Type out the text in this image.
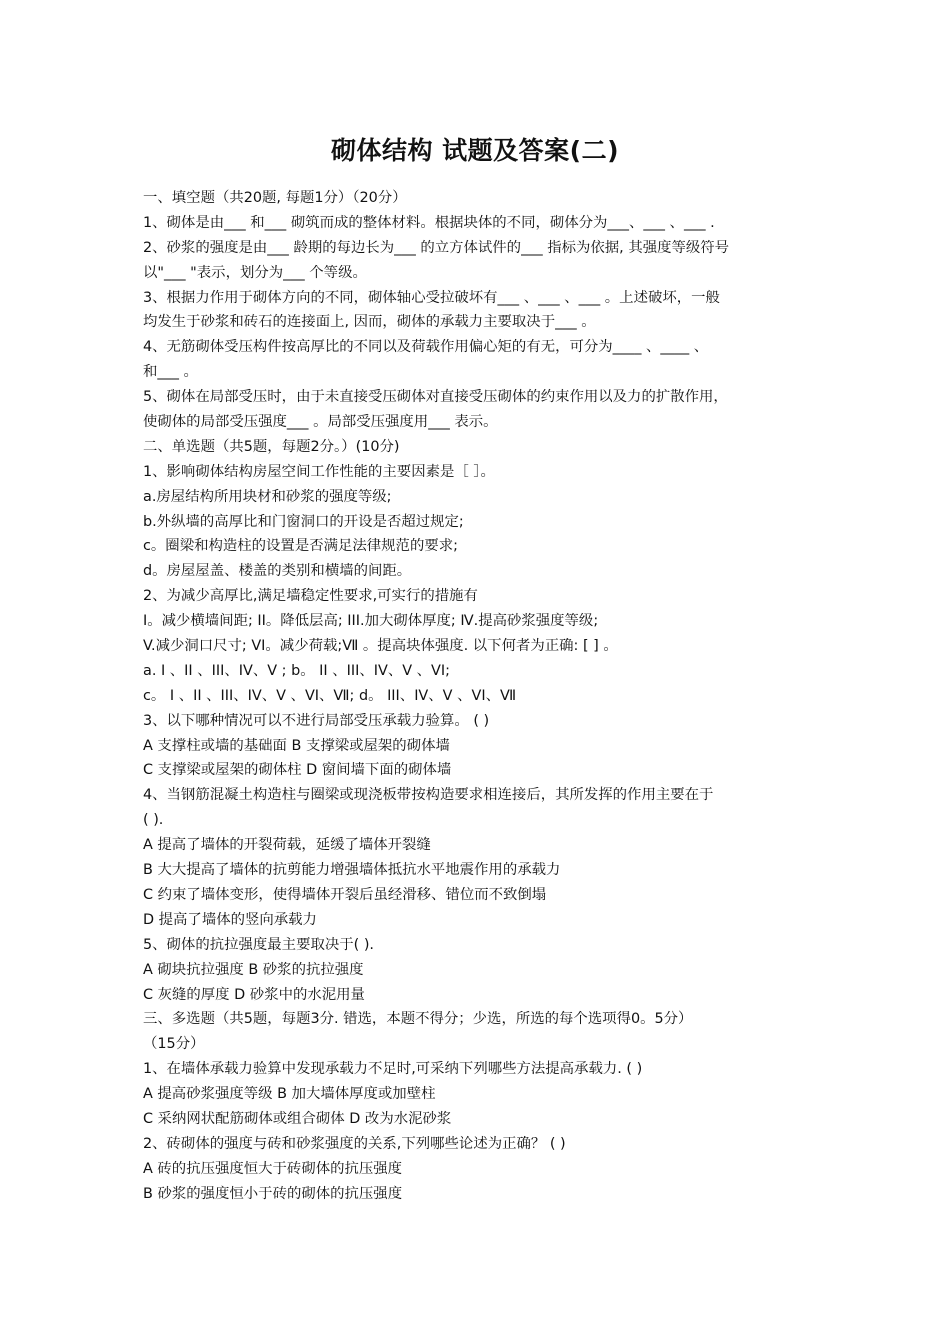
砌体结构 试题及答案(二)
一、填空题（共20题, 每题1分）（20分）
1、砌体是由___ 和___ 砌筑而成的整体材料。根据块体的不同，砌体分为___、___ 、___ .
2、砂浆的强度是由___ 龄期的每边长为___ 的立方体试件的___ 指标为依据, 其强度等级符号
以"___ "表示，划分为___ 个等级。
3、根据力作用于砌体方向的不同，砌体轴心受拉破坏有___ 、___ 、___ 。上述破坏，一般
均发生于砂浆和砖石的连接面上, 因而，砌体的承载力主要取决于___ 。
4、无筋砌体受压构件按高厚比的不同以及荷载作用偏心矩的有无，可分为____ 、____ 、
和___ 。
5、砌体在局部受压时，由于未直接受压砌体对直接受压砌体的约束作用以及力的扩散作用，
使砌体的局部受压强度___ 。局部受压强度用___ 表示。
二、单选题（共5题，每题2分。）(10分)
1、影响砌体结构房屋空间工作性能的主要因素是［ ］。
a.房屋结构所用块材和砂浆的强度等级;
b.外纵墙的高厚比和门窗洞口的开设是否超过规定;
c。圈梁和构造柱的设置是否满足法律规范的要求;
d。房屋屋盖、楼盖的类别和横墙的间距。
2、为减少高厚比,满足墙稳定性要求,可实行的措施有
I。减少横墙间距; II。降低层高; III.加大砌体厚度; Ⅳ.提高砂浆强度等级;
V.减少洞口尺寸; VI。减少荷载;Ⅶ 。提高块体强度. 以下何者为正确: [ ] 。
a. I 、II 、III、IV、V ; b。 II 、III、IV、V 、VI;
c。 I 、II 、III、IV、V 、VI、Ⅶ; d。 III、IV、V 、VI、Ⅶ
3、以下哪种情况可以不进行局部受压承载力验算。 ( )
A 支撑柱或墙的基础面 B 支撑梁或屋架的砌体墙
C 支撑梁或屋架的砌体柱 D 窗间墙下面的砌体墙
4、当钢筋混凝土构造柱与圈梁或现浇板带按构造要求相连接后，其所发挥的作用主要在于
( ).
A 提高了墙体的开裂荷载，延缓了墙体开裂缝
B 大大提高了墙体的抗剪能力增强墙体抵抗水平地震作用的承载力
C 约束了墙体变形，使得墙体开裂后虽经滑移、错位而不致倒塌
D 提高了墙体的竖向承载力
5、砌体的抗拉强度最主要取决于( ).
A 砌块抗拉强度 B 砂浆的抗拉强度
C 灰缝的厚度 D 砂浆中的水泥用量
三、多选题（共5题，每题3分. 错选，本题不得分；少选，所选的每个选项得0。5分）
（15分）
1、在墙体承载力验算中发现承载力不足时,可采纳下列哪些方法提高承载力. ( )
A 提高砂浆强度等级 B 加大墙体厚度或加壁柱
C 采纳网状配筋砌体或组合砌体 D 改为水泥砂浆
2、砖砌体的强度与砖和砂浆强度的关系,下列哪些论述为正确？ ( )
A 砖的抗压强度恒大于砖砌体的抗压强度
B 砂浆的强度恒小于砖的砌体的抗压强度
